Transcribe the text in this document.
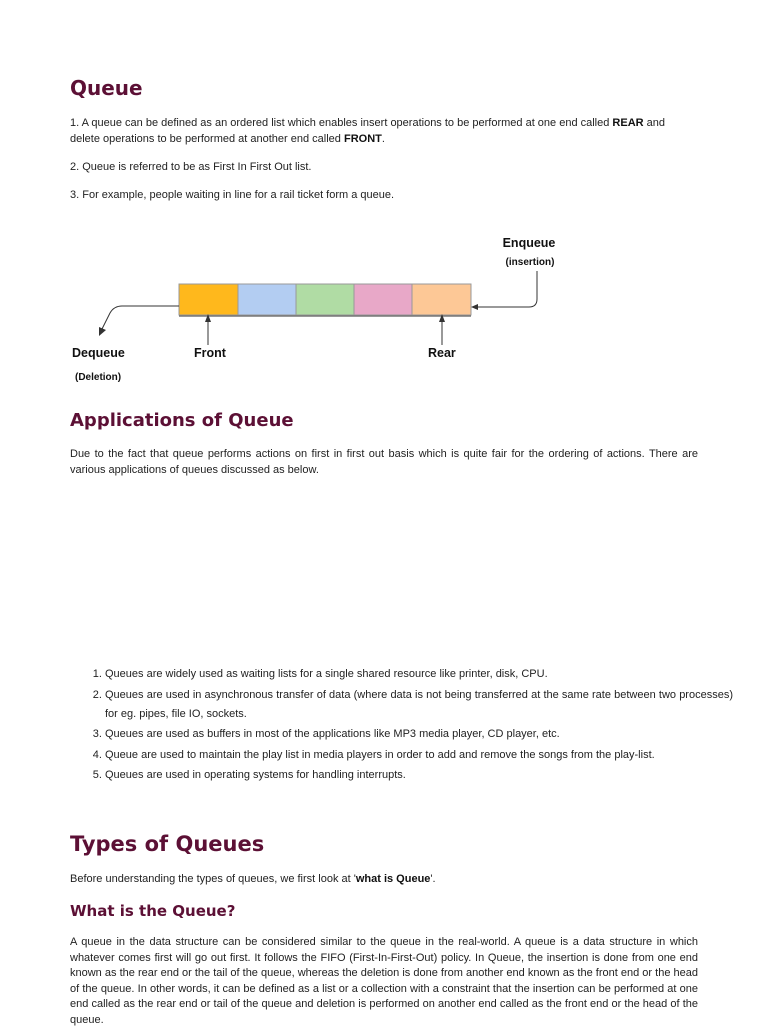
Queue

1. A queue can be defined as an ordered list which enables insert operations to be performed at one end called REAR and delete operations to be performed at another end called FRONT.

2. Queue is referred to be as First In First Out list.

3. For example, people waiting in line for a rail ticket form a queue.

Enqueue
(insertion)
Dequeue
(Deletion)
Front	Rear
Applications of Queue

Due to the fact that queue performs actions on first in first out basis which is quite fair for the ordering of actions. There are various applications of queues discussed as below.

1. Queues are widely used as waiting lists for a single shared resource like printer, disk, CPU.
2. Queues are used in asynchronous transfer of data (where data is not being transferred at the same rate between two processes) for eg. pipes, file IO, sockets.
3. Queues are used as buffers in most of the applications like MP3 media player, CD player, etc.
4. Queue are used to maintain the play list in media players in order to add and remove the songs from the play-list.
5. Queues are used in operating systems for handling interrupts.
Types of Queues

Before understanding the types of queues, we first look at 'what is Queue'.

What is the Queue?

A queue in the data structure can be considered similar to the queue in the real-world. A queue is a data structure in which whatever comes first will go out first. It follows the FIFO (First-In-First-Out) policy. In Queue, the insertion is done from one end known as the rear end or the tail of the queue, whereas the deletion is done from another end known as the front end or the head of the queue. In other words, it can be defined as a list or a collection with a constraint that the insertion can be performed at one end called as the rear end or tail of the queue and deletion is performed on another end called as the front end or the head of the queue.
